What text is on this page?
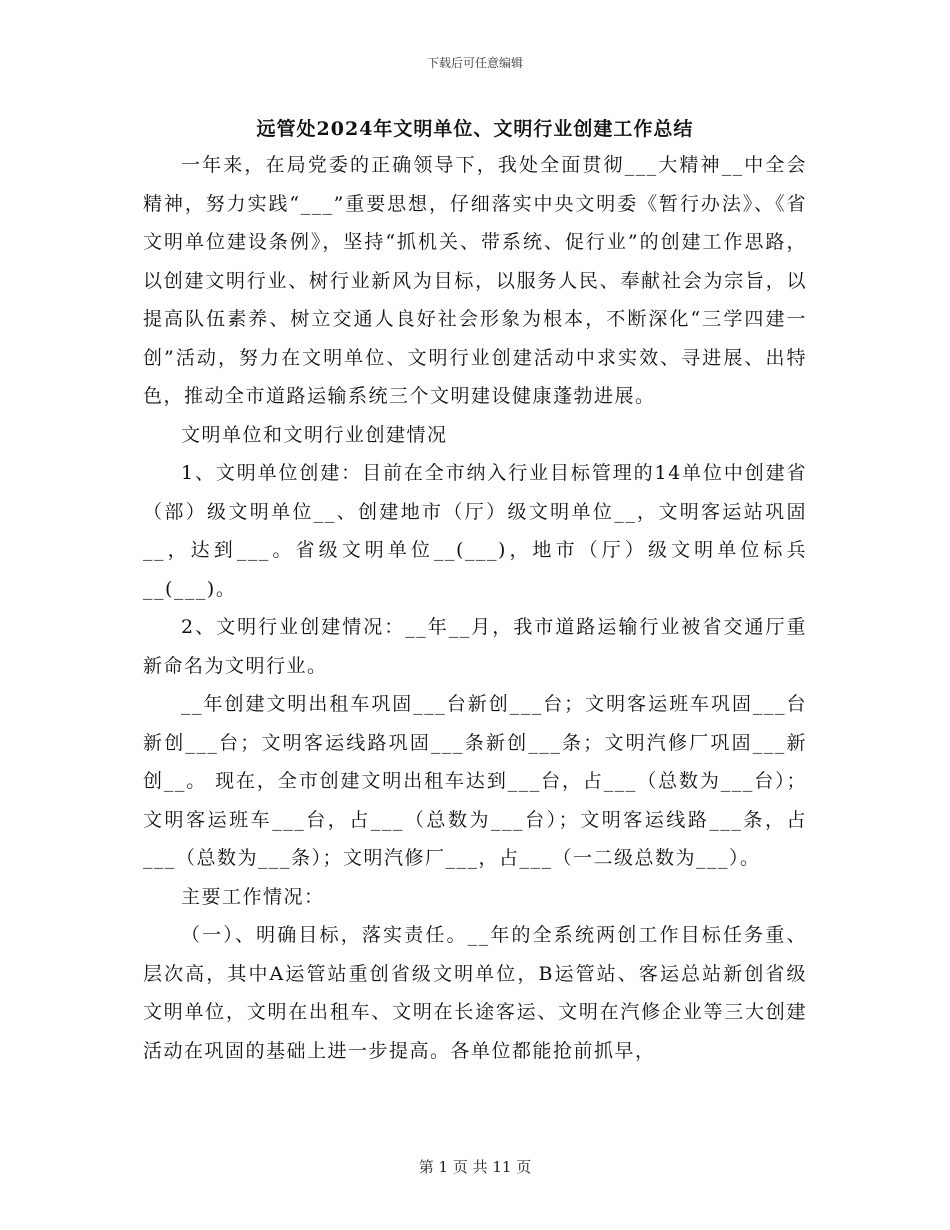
下载后可任意编辑
远管处2024年文明单位、文明行业创建工作总结

一年来，在局党委的正确领导下，我处全面贯彻___大精神__中全会精神，努力实践“___”重要思想，仔细落实中央文明委《暂行办法》、《省文明单位建设条例》，坚持“抓机关、带系统、促行业”的创建工作思路，以创建文明行业、树行业新风为目标，以服务人民、奉献社会为宗旨，以提高队伍素养、树立交通人良好社会形象为根本，不断深化“三学四建一创”活动，努力在文明单位、文明行业创建活动中求实效、寻进展、出特色，推动全市道路运输系统三个文明建设健康蓬勃进展。

文明单位和文明行业创建情况

1、文明单位创建：目前在全市纳入行业目标管理的14单位中创建省（部）级文明单位__、创建地市（厅）级文明单位__，文明客运站巩固__，达到___。省级文明单位__(___)，地市（厅）级文明单位标兵__(___)。

2、文明行业创建情况：__年__月，我市道路运输行业被省交通厅重新命名为文明行业。

__年创建文明出租车巩固___台新创___台；文明客运班车巩固___台新创___台；文明客运线路巩固___条新创___条；文明汽修厂巩固___新创__。 现在，全市创建文明出租车达到___台，占___（总数为___台）；文明客运班车___台，占___（总数为___台）；文明客运线路___条，占___（总数为___条）；文明汽修厂___，占___（一二级总数为___）。

主要工作情况：

（一）、明确目标，落实责任。__年的全系统两创工作目标任务重、层次高，其中A运管站重创省级文明单位，B运管站、客运总站新创省级文明单位，文明在出租车、文明在长途客运、文明在汽修企业等三大创建活动在巩固的基础上进一步提高。各单位都能抢前抓早，

第 1 页 共 11 页
